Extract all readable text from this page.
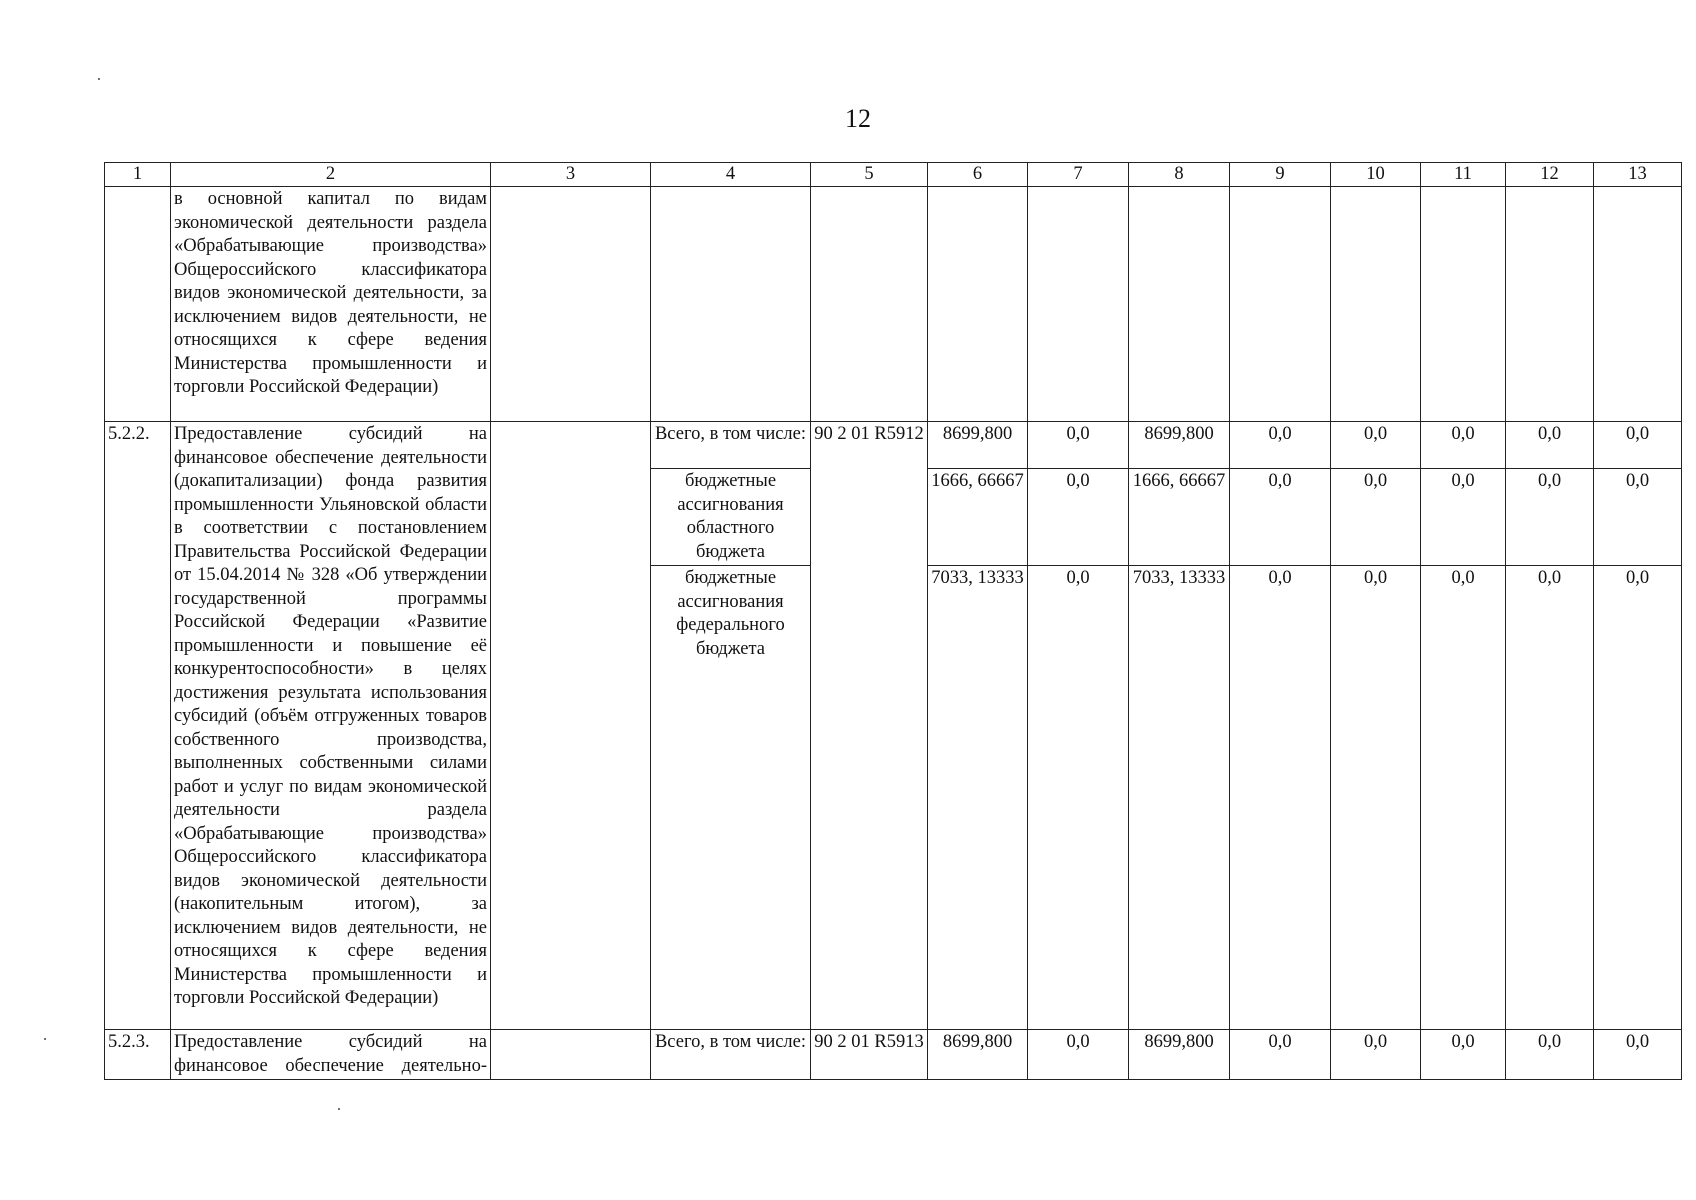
12
1	2	3	4	5	6	7	8	9	10	11	12	13
	в основной капитал по видам экономической деятельности раздела «Обрабатывающие производства» Общероссийского классификатора видов экономической деятельности, за исключением видов деятельности, не относящихся к сфере ведения Министерства промышленности и торговли Российской Федерации)											
5.2.2.	Предоставление субсидий на финансовое обеспечение деятельности (докапитализации) фонда развития промышленности Ульяновской области в соответствии с постановлением Правительства Российской Федерации от 15.04.2014 № 328 «Об утверждении государственной программы Российской Федерации «Развитие промышленности и повышение её конкурентоспособности» в целях достижения результата использования субсидий (объём отгруженных товаров собственного производства, выполненных собственными силами работ и услуг по видам экономической деятельности раздела «Обрабатывающие производства» Общероссийского классификатора видов экономической деятельности (накопительным итогом), за исключением видов деятельности, не относящихся к сфере ведения Министерства промышленности и торговли Российской Федерации)		Всего, в том числе:	90 2 01 R5912	8699,800	0,0	8699,800	0,0	0,0	0,0	0,0	0,0
			бюджетные ассигнования областного бюджета		1666, 66667	0,0	1666, 66667	0,0	0,0	0,0	0,0	0,0
			бюджетные ассигнования федерального бюджета		7033, 13333	0,0	7033, 13333	0,0	0,0	0,0	0,0	0,0
5.2.3.	Предоставление субсидий на финансовое обеспечение деятельно-		Всего, в том числе:	90 2 01 R5913	8699,800	0,0	8699,800	0,0	0,0	0,0	0,0	0,0
